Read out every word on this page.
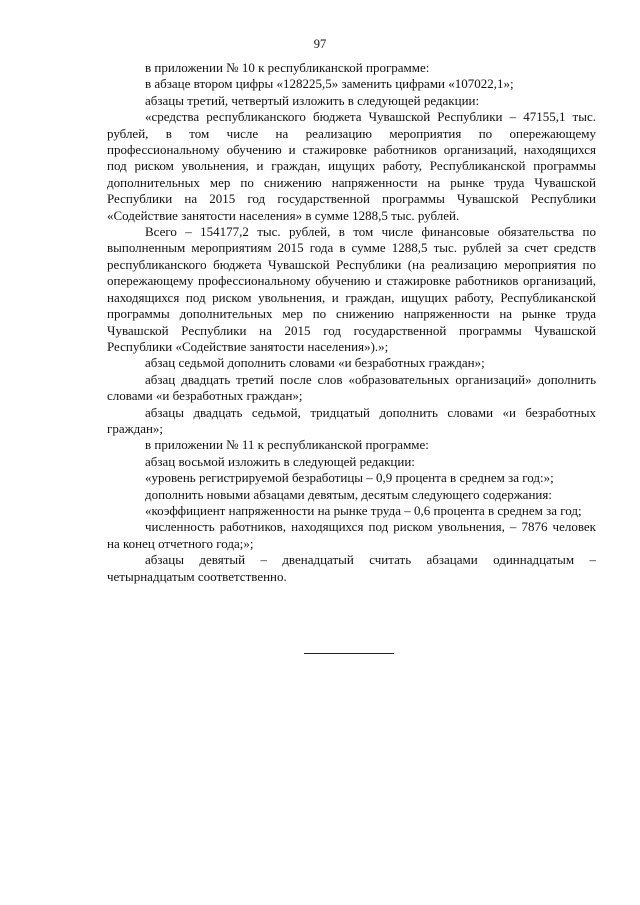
97

в приложении № 10 к республиканской программе:

в абзаце втором цифры «128225,5» заменить цифрами «107022,1»;

абзацы третий, четвертый изложить в следующей редакции:

«средства республиканского бюджета Чувашской Республики – 47155,1 тыс. рублей, в том числе на реализацию мероприятия по опережающему профессиональному обучению и стажировке работников организаций, находящихся под риском увольнения, и граждан, ищущих работу, Республиканской программы дополнительных мер по снижению напряженности на рынке труда Чувашской Республики на 2015 год государственной программы Чувашской Республики «Содействие занятости населения» в сумме 1288,5 тыс. рублей.

Всего – 154177,2 тыс. рублей, в том числе финансовые обязательства по выполненным мероприятиям 2015 года в сумме 1288,5 тыс. рублей за счет средств республиканского бюджета Чувашской Республики (на реализацию мероприятия по опережающему профессиональному обучению и стажировке работников организаций, находящихся под риском увольнения, и граждан, ищущих работу, Республиканской программы дополнительных мер по снижению напряженности на рынке труда Чувашской Республики на 2015 год государственной программы Чувашской Республики «Содействие занятости населения»).»;

абзац седьмой дополнить словами «и безработных граждан»;

абзац двадцать третий после слов «образовательных организаций» дополнить словами «и безработных граждан»;

абзацы двадцать седьмой, тридцатый дополнить словами «и безработных граждан»;

в приложении № 11 к республиканской программе:

абзац восьмой изложить в следующей редакции:

«уровень регистрируемой безработицы – 0,9 процента в среднем за год:»;

дополнить новыми абзацами девятым, десятым следующего содержания:

«коэффициент напряженности на рынке труда – 0,6 процента в среднем за год;

численность работников, находящихся под риском увольнения, – 7876 человек на конец отчетного года;»;

абзацы девятый – двенадцатый считать абзацами одиннадцатым – четырнадцатым соответственно.
